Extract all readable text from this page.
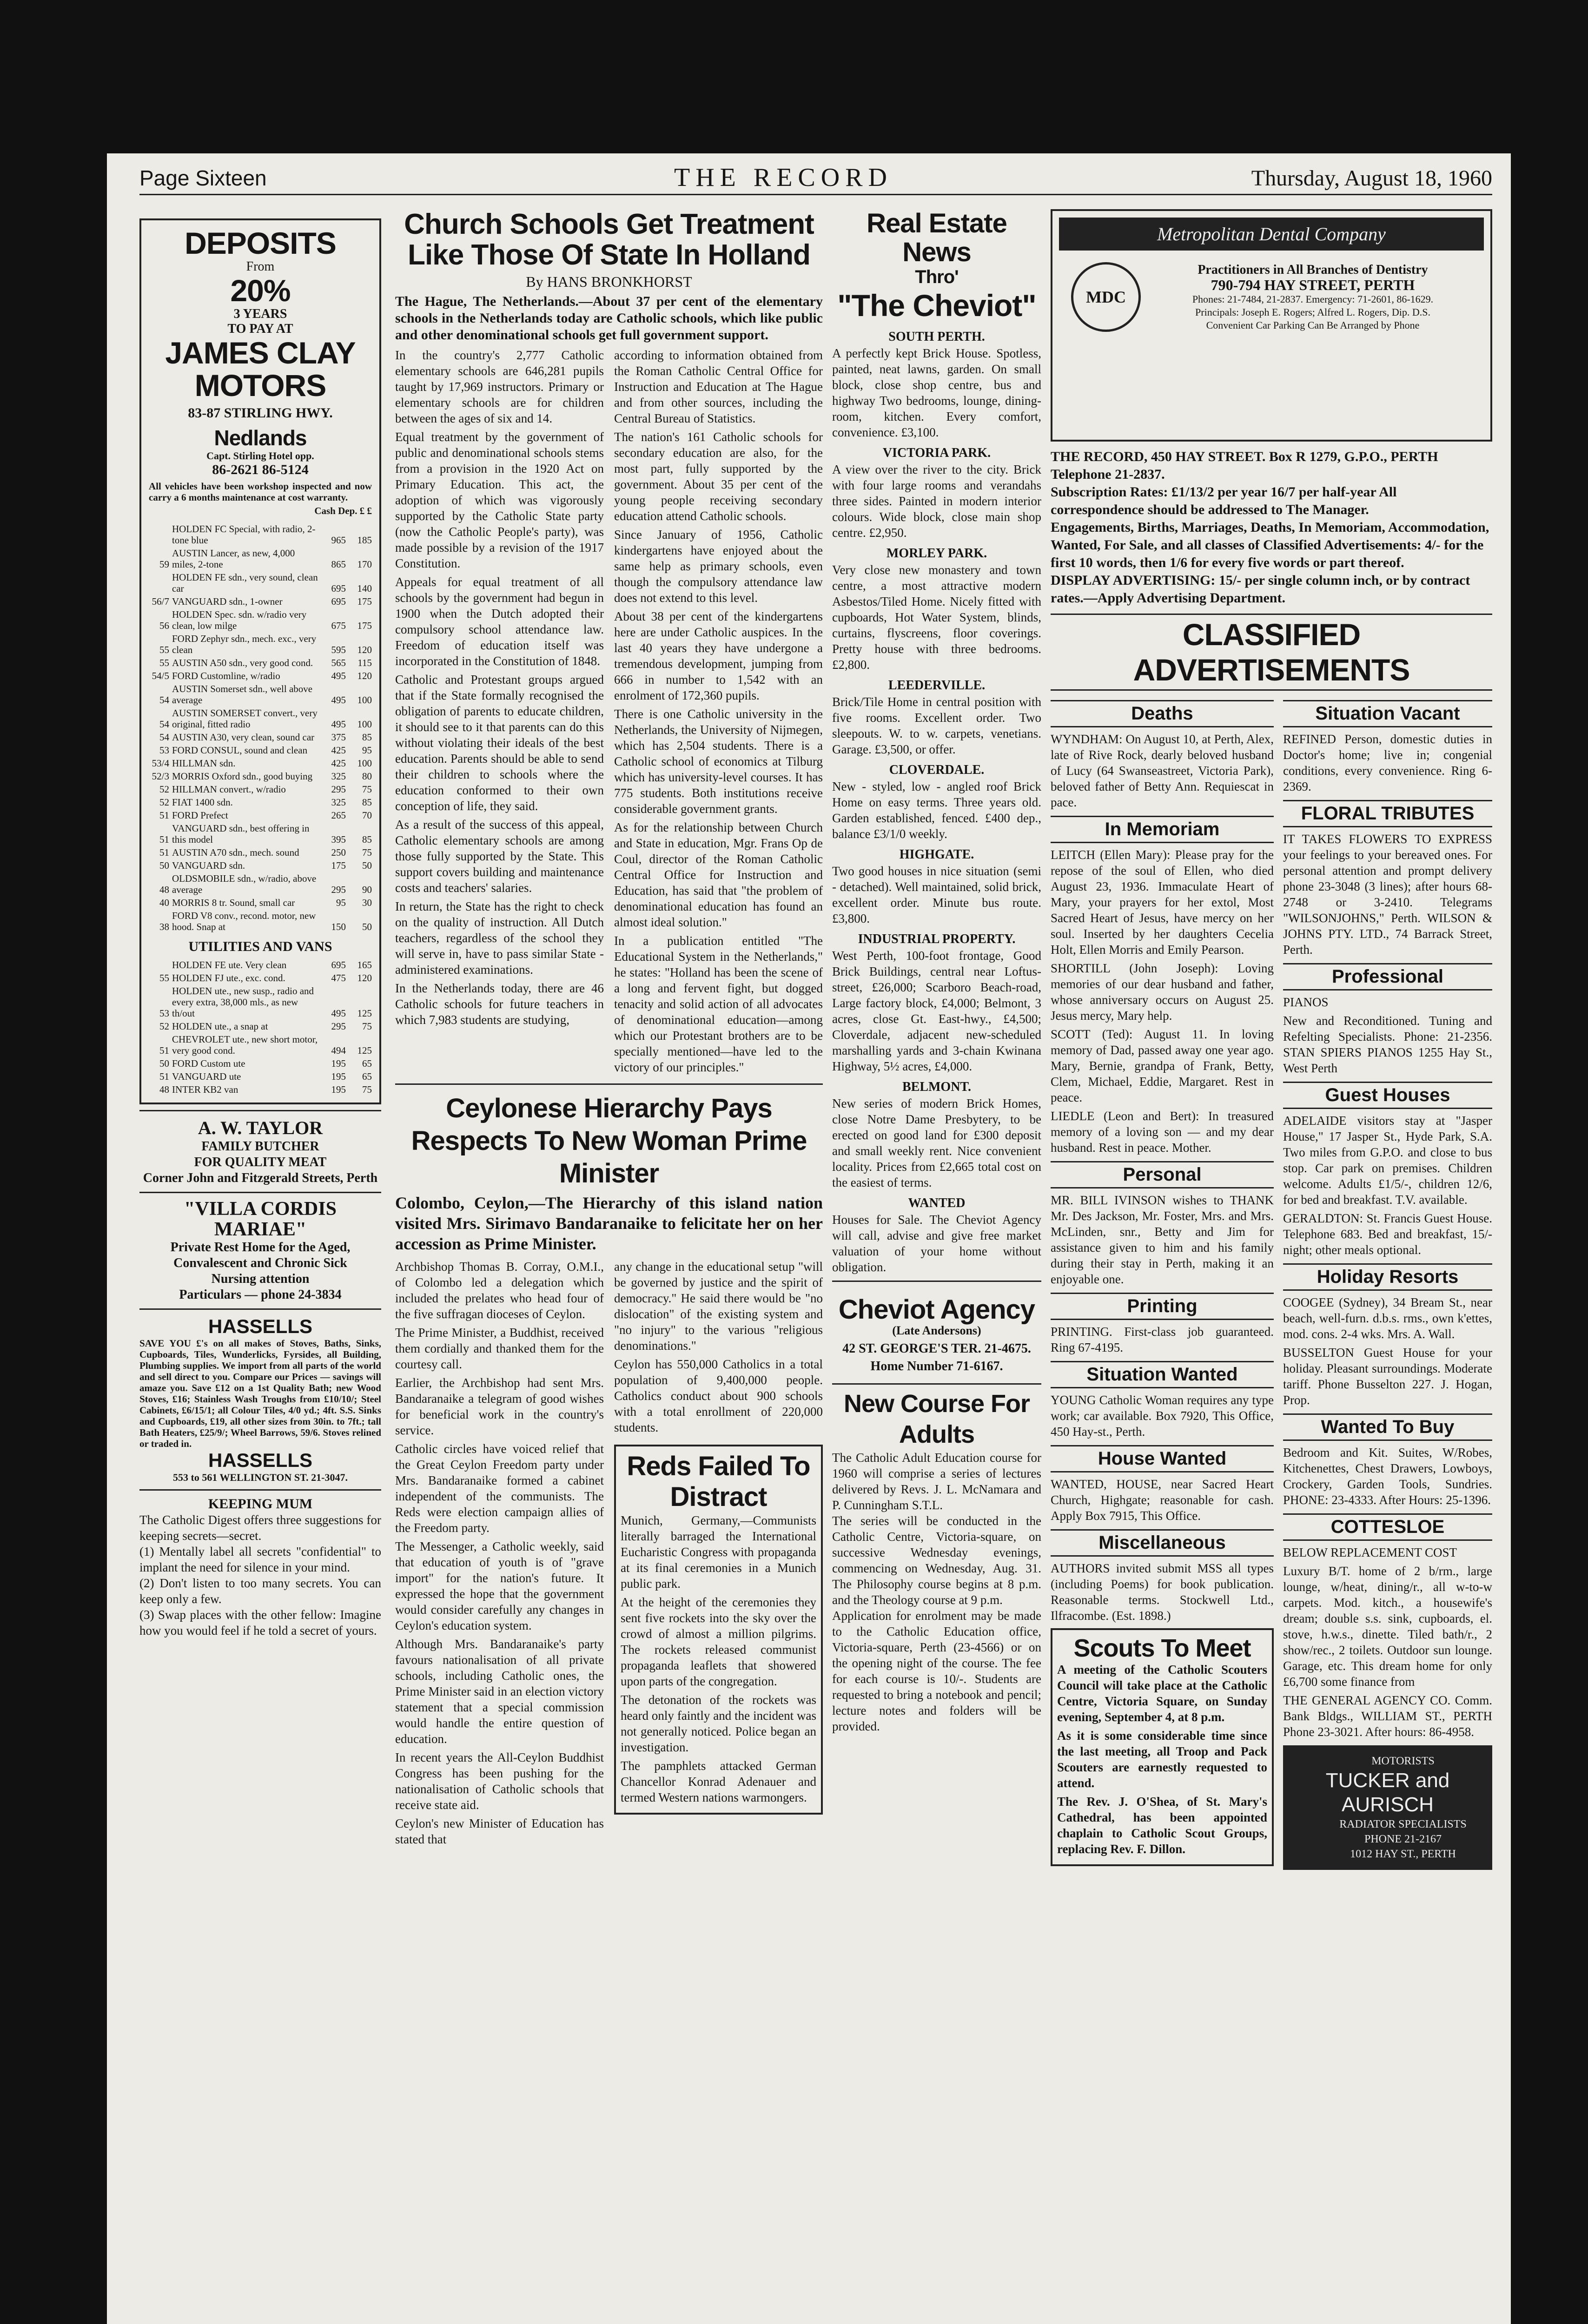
Page Sixteen	THE RECORD	Thursday, August 18, 1960
DEPOSITS
From
20%
3 YEARS
TO PAY AT
JAMES CLAY MOTORS
83-87 STIRLING HWY.
Nedlands
Capt. Stirling Hotel opp.
86-2621 86-5124
All vehicles have been workshop inspected and now carry a 6 months maintenance at cost warranty.
Cash Dep. £ £
	HOLDEN FC Special, with radio, 2-tone blue	965	185
59	AUSTIN Lancer, as new, 4,000 miles, 2-tone	865	170
	HOLDEN FE sdn., very sound, clean car	695	140
56/7	VANGUARD sdn., 1-owner	695	175
56	HOLDEN Spec. sdn. w/radio very clean, low milge	675	175
55	FORD Zephyr sdn., mech. exc., very clean	595	120
55	AUSTIN A50 sdn., very good cond.	565	115
54/5	FORD Customline, w/radio	495	120
54	AUSTIN Somerset sdn., well above average	495	100
54	AUSTIN SOMERSET convert., very original, fitted radio	495	100
54	AUSTIN A30, very clean, sound car	375	85
53	FORD CONSUL, sound and clean	425	95
53/4	HILLMAN sdn.	425	100
52/3	MORRIS Oxford sdn., good buying	325	80
52	HILLMAN convert., w/radio	295	75
52	FIAT 1400 sdn.	325	85
51	FORD Prefect	265	70
51	VANGUARD sdn., best offering in this model	395	85
51	AUSTIN A70 sdn., mech. sound	250	75
50	VANGUARD sdn.	175	50
48	OLDSMOBILE sdn., w/radio, above average	295	90
40	MORRIS 8 tr. Sound, small car	95	30
38	FORD V8 conv., recond. motor, new hood. Snap at	150	50
UTILITIES AND VANS
	HOLDEN FE ute. Very clean	695	165
55	HOLDEN FJ ute., exc. cond.	475	120
53	HOLDEN ute., new susp., radio and every extra, 38,000 mls., as new th/out	495	125
52	HOLDEN ute., a snap at	295	75
51	CHEVROLET ute., new short motor, very good cond.	494	125
50	FORD Custom ute	195	65
51	VANGUARD ute	195	65
48	INTER KB2 van	195	75
A. W. TAYLOR
FAMILY BUTCHER
FOR QUALITY MEAT
Corner John and Fitzgerald Streets, Perth
"VILLA CORDIS MARIAE"
Private Rest Home for the Aged, Convalescent and Chronic Sick
Nursing attention
Particulars — phone 24-3834
HASSELLS
SAVE YOU £'s on all makes of Stoves, Baths, Sinks, Cupboards, Tiles, Wunderlicks, Fyrsides, all Building, Plumbing supplies. We import from all parts of the world and sell direct to you. Compare our Prices — savings will amaze you. Save £12 on a 1st Quality Bath; new Wood Stoves, £16; Stainless Wash Troughs from £10/10/; Steel Cabinets, £6/15/1; all Colour Tiles, 4/0 yd.; 4ft. S.S. Sinks and Cupboards, £19, all other sizes from 30in. to 7ft.; tall Bath Heaters, £25/9/; Wheel Barrows, 59/6. Stoves relined or traded in.
HASSELLS
553 to 561 WELLINGTON ST. 21-3047.
KEEPING MUM

The Catholic Digest offers three suggestions for keeping secrets—secret.

(1) Mentally label all secrets "confidential" to implant the need for silence in your mind.

(2) Don't listen to too many secrets. You can keep only a few.

(3) Swap places with the other fellow: Imagine how you would feel if he told a secret of yours.

Church Schools Get Treatment Like Those Of State In Holland
By HANS BRONKHORST
The Hague, The Netherlands.—About 37 per cent of the elementary schools in the Netherlands today are Catholic schools, which like public and other denominational schools get full government support.

In the country's 2,777 Catholic elementary schools are 646,281 pupils taught by 17,969 instructors. Primary or elementary schools are for children between the ages of six and 14.

Equal treatment by the government of public and denominational schools stems from a provision in the 1920 Act on Primary Education. This act, the adoption of which was vigorously supported by the Catholic State party (now the Catholic People's party), was made possible by a revision of the 1917 Constitution.

Appeals for equal treatment of all schools by the government had begun in 1900 when the Dutch adopted their compulsory school attendance law. Freedom of education itself was incorporated in the Constitution of 1848.

Catholic and Protestant groups argued that if the State formally recognised the obligation of parents to educate children, it should see to it that parents can do this without violating their ideals of the best education. Parents should be able to send their children to schools where the education conformed to their own conception of life, they said.

As a result of the success of this appeal, Catholic elementary schools are among those fully supported by the State. This support covers building and maintenance costs and teachers' salaries.

In return, the State has the right to check on the quality of instruction. All Dutch teachers, regardless of the school they will serve in, have to pass similar State - administered examinations.

In the Netherlands today, there are 46 Catholic schools for future teachers in which 7,983 students are studying,

according to information obtained from the Roman Catholic Central Office for Instruction and Education at The Hague and from other sources, including the Central Bureau of Statistics.

The nation's 161 Catholic schools for secondary education are also, for the most part, fully supported by the government. About 35 per cent of the young people receiving secondary education attend Catholic schools.

Since January of 1956, Catholic kindergartens have enjoyed about the same help as primary schools, even though the compulsory attendance law does not extend to this level.

About 38 per cent of the kindergartens here are under Catholic auspices. In the last 40 years they have undergone a tremendous development, jumping from 666 in number to 1,542 with an enrolment of 172,360 pupils.

There is one Catholic university in the Netherlands, the University of Nijmegen, which has 2,504 students. There is a Catholic school of economics at Tilburg which has university-level courses. It has 775 students. Both institutions receive considerable government grants.

As for the relationship between Church and State in education, Mgr. Frans Op de Coul, director of the Roman Catholic Central Office for Instruction and Education, has said that "the problem of denominational education has found an almost ideal solution."

In a publication entitled "The Educational System in the Netherlands," he states: "Holland has been the scene of a long and fervent fight, but dogged tenacity and solid action of all advocates of denominational education—among which our Protestant brothers are to be specially mentioned—have led to the victory of our principles."

Ceylonese Hierarchy Pays Respects To New Woman Prime Minister
Colombo, Ceylon,—The Hierarchy of this island nation visited Mrs. Sirimavo Bandaranaike to felicitate her on her accession as Prime Minister.

Archbishop Thomas B. Corray, O.M.I., of Colombo led a delegation which included the prelates who head four of the five suffragan dioceses of Ceylon.

The Prime Minister, a Buddhist, received them cordially and thanked them for the courtesy call.

Earlier, the Archbishop had sent Mrs. Bandaranaike a telegram of good wishes for beneficial work in the country's service.

Catholic circles have voiced relief that the Great Ceylon Freedom party under Mrs. Bandaranaike formed a cabinet independent of the communists. The Reds were election campaign allies of the Freedom party.

The Messenger, a Catholic weekly, said that education of youth is of "grave import" for the nation's future. It expressed the hope that the government would consider carefully any changes in Ceylon's education system.

Although Mrs. Bandaranaike's party favours nationalisation of all private schools, including Catholic ones, the Prime Minister said in an election victory statement that a special commission would handle the entire question of education.

In recent years the All-Ceylon Buddhist Congress has been pushing for the nationalisation of Catholic schools that receive state aid.

Ceylon's new Minister of Education has stated that

any change in the educational setup "will be governed by justice and the spirit of democracy." He said there would be "no dislocation" of the existing system and "no injury" to the various "religious denominations."

Ceylon has 550,000 Catholics in a total population of 9,400,000 people. Catholics conduct about 900 schools with a total enrollment of 220,000 students.

Reds Failed To Distract

Munich, Germany,—Communists literally barraged the International Eucharistic Congress with propaganda at its final ceremonies in a Munich public park.

At the height of the ceremonies they sent five rockets into the sky over the crowd of almost a million pilgrims. The rockets released communist propaganda leaflets that showered upon parts of the congregation.

The detonation of the rockets was heard only faintly and the incident was not generally noticed. Police began an investigation.

The pamphlets attacked German Chancellor Konrad Adenauer and termed Western nations warmongers.

Real Estate News
Thro'
"The Cheviot"
SOUTH PERTH.

A perfectly kept Brick House. Spotless, painted, neat lawns, garden. On small block, close shop centre, bus and highway Two bedrooms, lounge, dining-room, kitchen. Every comfort, convenience. £3,100.

VICTORIA PARK.

A view over the river to the city. Brick with four large rooms and verandahs three sides. Painted in modern interior colours. Wide block, close main shop centre. £2,950.

MORLEY PARK.

Very close new monastery and town centre, a most attractive modern Asbestos/Tiled Home. Nicely fitted with cupboards, Hot Water System, blinds, curtains, flyscreens, floor coverings. Pretty house with three bedrooms. £2,800.

LEEDERVILLE.

Brick/Tile Home in central position with five rooms. Excellent order. Two sleepouts. W. to w. carpets, venetians. Garage. £3,500, or offer.

CLOVERDALE.

New - styled, low - angled roof Brick Home on easy terms. Three years old. Garden established, fenced. £400 dep., balance £3/1/0 weekly.

HIGHGATE.

Two good houses in nice situation (semi - detached). Well maintained, solid brick, excellent order. Minute bus route. £3,800.

INDUSTRIAL PROPERTY.

West Perth, 100-foot frontage, Good Brick Buildings, central near Loftus-street, £26,000; Scarboro Beach-road, Large factory block, £4,000; Belmont, 3 acres, close Gt. East-hwy., £4,500; Cloverdale, adjacent new-scheduled marshalling yards and 3-chain Kwinana Highway, 5½ acres, £4,000.

BELMONT.

New series of modern Brick Homes, close Notre Dame Presbytery, to be erected on good land for £300 deposit and small weekly rent. Nice convenient locality. Prices from £2,665 total cost on the easiest of terms.

WANTED

Houses for Sale. The Cheviot Agency will call, advise and give free market valuation of your home without obligation.

Cheviot Agency
(Late Andersons)
42 ST. GEORGE'S TER. 21-4675.
Home Number 71-6167.
New Course For Adults

The Catholic Adult Education course for 1960 will comprise a series of lectures delivered by Revs. J. L. McNamara and P. Cunningham S.T.L.

The series will be conducted in the Catholic Centre, Victoria-square, on successive Wednesday evenings, commencing on Wednesday, Aug. 31. The Philosophy course begins at 8 p.m. and the Theology course at 9 p.m.

Application for enrolment may be made to the Catholic Education office, Victoria-square, Perth (23-4566) or on the opening night of the course. The fee for each course is 10/-. Students are requested to bring a notebook and pencil; lecture notes and folders will be provided.

Metropolitan Dental Company
MDC
Practitioners in All Branches of Dentistry
790-794 HAY STREET, PERTH
Phones: 21-7484, 21-2837. Emergency: 71-2601, 86-1629. Principals: Joseph E. Rogers; Alfred L. Rogers, Dip. D.S. Convenient Car Parking Can Be Arranged by Phone
THE RECORD, 450 HAY STREET. Box R 1279, G.P.O., PERTH Telephone 21-2837.
Subscription Rates: £1/13/2 per year 16/7 per half-year All correspondence should be addressed to The Manager.
Engagements, Births, Marriages, Deaths, In Memoriam, Accommodation, Wanted, For Sale, and all classes of Classified Advertisements: 4/- for the first 10 words, then 1/6 for every five words or part thereof.
DISPLAY ADVERTISING: 15/- per single column inch, or by contract rates.—Apply Advertising Department.
CLASSIFIED ADVERTISEMENTS
Deaths

WYNDHAM: On August 10, at Perth, Alex, late of Rive Rock, dearly beloved husband of Lucy (64 Swanseastreet, Victoria Park), beloved father of Betty Ann. Requiescat in pace.

In Memoriam

LEITCH (Ellen Mary): Please pray for the repose of the soul of Ellen, who died August 23, 1936. Immaculate Heart of Mary, your prayers for her extol, Most Sacred Heart of Jesus, have mercy on her soul. Inserted by her daughters Cecelia Holt, Ellen Morris and Emily Pearson.

SHORTILL (John Joseph): Loving memories of our dear husband and father, whose anniversary occurs on August 25. Jesus mercy, Mary help.

SCOTT (Ted): August 11. In loving memory of Dad, passed away one year ago. Mary, Bernie, grandpa of Frank, Betty, Clem, Michael, Eddie, Margaret. Rest in peace.

LIEDLE (Leon and Bert): In treasured memory of a loving son — and my dear husband. Rest in peace. Mother.

Personal

MR. BILL IVINSON wishes to THANK Mr. Des Jackson, Mr. Foster, Mrs. and Mrs. McLinden, snr., Betty and Jim for assistance given to him and his family during their stay in Perth, making it an enjoyable one.

Printing

PRINTING. First-class job guaranteed. Ring 67-4195.

Situation Wanted

YOUNG Catholic Woman requires any type work; car available. Box 7920, This Office, 450 Hay-st., Perth.

House Wanted

WANTED, HOUSE, near Sacred Heart Church, Highgate; reasonable for cash. Apply Box 7915, This Office.

Miscellaneous

AUTHORS invited submit MSS all types (including Poems) for book publication. Reasonable terms. Stockwell Ltd., Ilfracombe. (Est. 1898.)

Scouts To Meet

A meeting of the Catholic Scouters Council will take place at the Catholic Centre, Victoria Square, on Sunday evening, September 4, at 8 p.m.

As it is some considerable time since the last meeting, all Troop and Pack Scouters are earnestly requested to attend.

The Rev. J. O'Shea, of St. Mary's Cathedral, has been appointed chaplain to Catholic Scout Groups, replacing Rev. F. Dillon.

Situation Vacant

REFINED Person, domestic duties in Doctor's home; live in; congenial conditions, every convenience. Ring 6-2369.

FLORAL TRIBUTES

IT TAKES FLOWERS TO EXPRESS your feelings to your bereaved ones. For personal attention and prompt delivery phone 23-3048 (3 lines); after hours 68-2748 or 3-2410. Telegrams "WILSONJOHNS," Perth. WILSON & JOHNS PTY. LTD., 74 Barrack Street, Perth.

Professional

PIANOS

New and Reconditioned. Tuning and Refelting Specialists. Phone: 21-2356. STAN SPIERS PIANOS 1255 Hay St., West Perth

Guest Houses

ADELAIDE visitors stay at "Jasper House," 17 Jasper St., Hyde Park, S.A. Two miles from G.P.O. and close to bus stop. Car park on premises. Children welcome. Adults £1/5/-, children 12/6, for bed and breakfast. T.V. available.

GERALDTON: St. Francis Guest House. Telephone 683. Bed and breakfast, 15/- night; other meals optional.

Holiday Resorts

COOGEE (Sydney), 34 Bream St., near beach, well-furn. d.b.s. rms., own k'ettes, mod. cons. 2-4 wks. Mrs. A. Wall.

BUSSELTON Guest House for your holiday. Pleasant surroundings. Moderate tariff. Phone Busselton 227. J. Hogan, Prop.

Wanted To Buy

Bedroom and Kit. Suites, W/Robes, Kitchenettes, Chest Drawers, Lowboys, Crockery, Garden Tools, Sundries. PHONE: 23-4333. After Hours: 25-1396.

COTTESLOE

BELOW REPLACEMENT COST

Luxury B/T. home of 2 b/rm., large lounge, w/heat, dining/r., all w-to-w carpets. Mod. kitch., a housewife's dream; double s.s. sink, cupboards, el. stove, h.w.s., dinette. Tiled bath/r., 2 show/rec., 2 toilets. Outdoor sun lounge. Garage, etc. This dream home for only £6,700 some finance from

THE GENERAL AGENCY CO. Comm. Bank Bldgs., WILLIAM ST., PERTH Phone 23-3021. After hours: 86-4958.

MOTORISTS
TUCKER and AURISCH
RADIATOR SPECIALISTS
PHONE 21-2167
1012 HAY ST., PERTH
